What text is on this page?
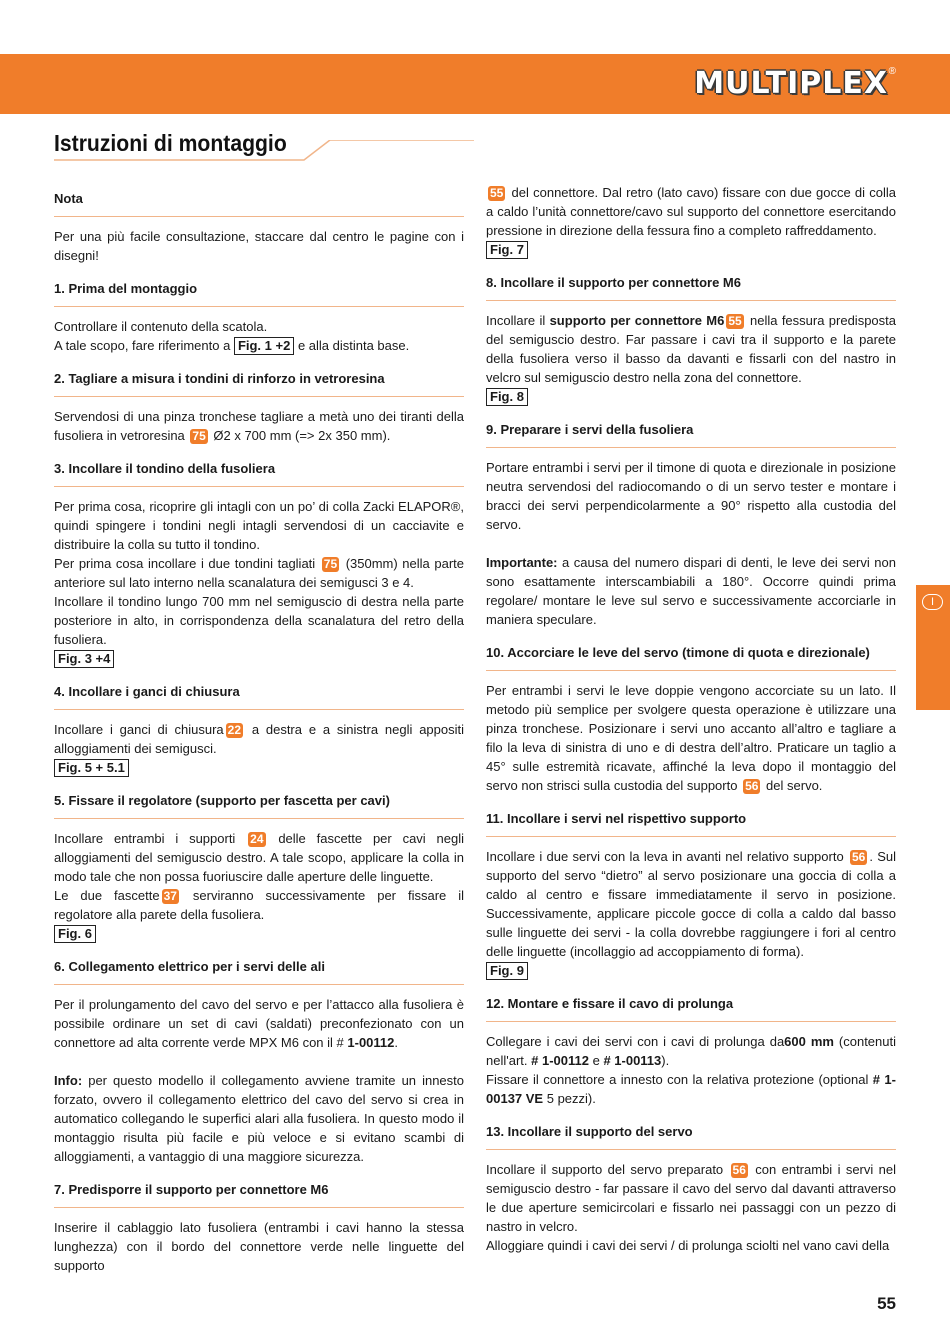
MULTIPLEX ®
Istruzioni di montaggio

Nota

Per una più facile consultazione, staccare dal centro le pagine con i disegni!

1. Prima del montaggio

Controllare il contenuto della scatola.

A tale scopo, fare riferimento a Fig. 1 +2 e alla distinta base.

2. Tagliare a misura i tondini di rinforzo in vetroresina

Servendosi di una pinza tronchese tagliare a metà uno dei tiranti della fusoliera in vetroresina 75 Ø2 x 700 mm (=> 2x 350 mm).

3. Incollare il tondino della fusoliera

Per prima cosa, ricoprire gli intagli con un po’ di colla Zacki ELAPOR®, quindi spingere i tondini negli intagli servendosi di un cacciavite e distribuire la colla su tutto il tondino.

Per prima cosa incollare i due tondini tagliati 75 (350mm) nella parte anteriore sul lato interno nella scanalatura dei semigusci 3 e 4.

Incollare il tondino lungo 700 mm nel semiguscio di destra nella parte posteriore in alto, in corrispondenza della scanalatura del retro della fusoliera.

Fig. 3 +4

4. Incollare i ganci di chiusura

Incollare i ganci di chiusura 22 a destra e a sinistra negli appositi alloggiamenti dei semigusci.

Fig. 5 + 5.1

5. Fissare il regolatore (supporto per fascetta per cavi)

Incollare entrambi i supporti 24 delle fascette per cavi negli alloggiamenti del semiguscio destro. A tale scopo, applicare la colla in modo tale che non possa fuoriuscire dalle aperture delle linguette.

Le due fascette 37 serviranno successivamente per fissare il regolatore alla parete della fusoliera.

Fig. 6

6. Collegamento elettrico per i servi delle ali

Per il prolungamento del cavo del servo e per l’attacco alla fusoliera è possibile ordinare un set di cavi (saldati) preconfezionato con un connettore ad alta corrente verde MPX M6 con il # 1-00112.

Info: per questo modello il collegamento avviene tramite un innesto forzato, ovvero il collegamento elettrico del cavo del servo si crea in automatico collegando le superfici alari alla fusoliera. In questo modo il montaggio risulta più facile e più veloce e si evitano scambi di alloggiamenti, a vantaggio di una maggiore sicurezza.

7. Predisporre il supporto per connettore M6

Inserire il cablaggio lato fusoliera (entrambi i cavi hanno la stessa lunghezza) con il bordo del connettore verde nelle linguette del supporto

55 del connettore. Dal retro (lato cavo) fissare con due gocce di colla a caldo l’unità connettore/cavo sul supporto del connettore esercitando pressione in direzione della fessura fino a completo raffreddamento.

Fig. 7

8. Incollare il supporto per connettore M6

Incollare il supporto per connettore M6 55 nella fessura predisposta del semiguscio destro. Far passare i cavi tra il supporto e la parete della fusoliera verso il basso da davanti e fissarli con del nastro in velcro sul semiguscio destro nella zona del connettore.

Fig. 8

9. Preparare i servi della fusoliera

Portare entrambi i servi per il timone di quota e direzionale in posizione neutra servendosi del radiocomando o di un servo tester e montare i bracci dei servi perpendicolarmente a 90° rispetto alla custodia del servo.

Importante: a causa del numero dispari di denti, le leve dei servi non sono esattamente interscambiabili a 180°. Occorre quindi prima regolare/ montare le leve sul servo e successivamente accorciarle in maniera speculare.

10. Accorciare le leve del servo (timone di quota e direzionale)

Per entrambi i servi le leve doppie vengono accorciate su un lato. Il metodo più semplice per svolgere questa operazione è utilizzare una pinza tronchese. Posizionare i servi uno accanto all’altro e tagliare a filo la leva di sinistra di uno e di destra dell’altro. Praticare un taglio a 45° sulle estremità ricavate, affinché la leva dopo il montaggio del servo non strisci sulla custodia del supporto 56 del servo.

11. Incollare i servi nel rispettivo supporto

Incollare i due servi con la leva in avanti nel relativo supporto 56 . Sul supporto del servo “dietro” al servo posizionare una goccia di colla a caldo al centro e fissare immediatamente il servo in posizione. Successivamente, applicare piccole gocce di colla a caldo dal basso sulle linguette dei servi - la colla dovrebbe raggiungere i fori al centro delle linguette (incollaggio ad accoppiamento di forma).

Fig. 9

12. Montare e fissare il cavo di prolunga

Collegare i cavi dei servi con i cavi di prolunga da600 mm (contenuti nell'art. # 1-00112 e # 1-00113).

Fissare il connettore a innesto con la relativa protezione (optional # 1-00137 VE 5 pezzi).

13. Incollare il supporto del servo

Incollare il supporto del servo preparato 56 con entrambi i servi nel semiguscio destro - far passare il cavo del servo dal davanti attraverso le due aperture semicircolari e fissarlo nei passaggi con un pezzo di nastro in velcro.

Alloggiare quindi i cavi dei servi / di prolunga sciolti nel vano cavi della

I
55
